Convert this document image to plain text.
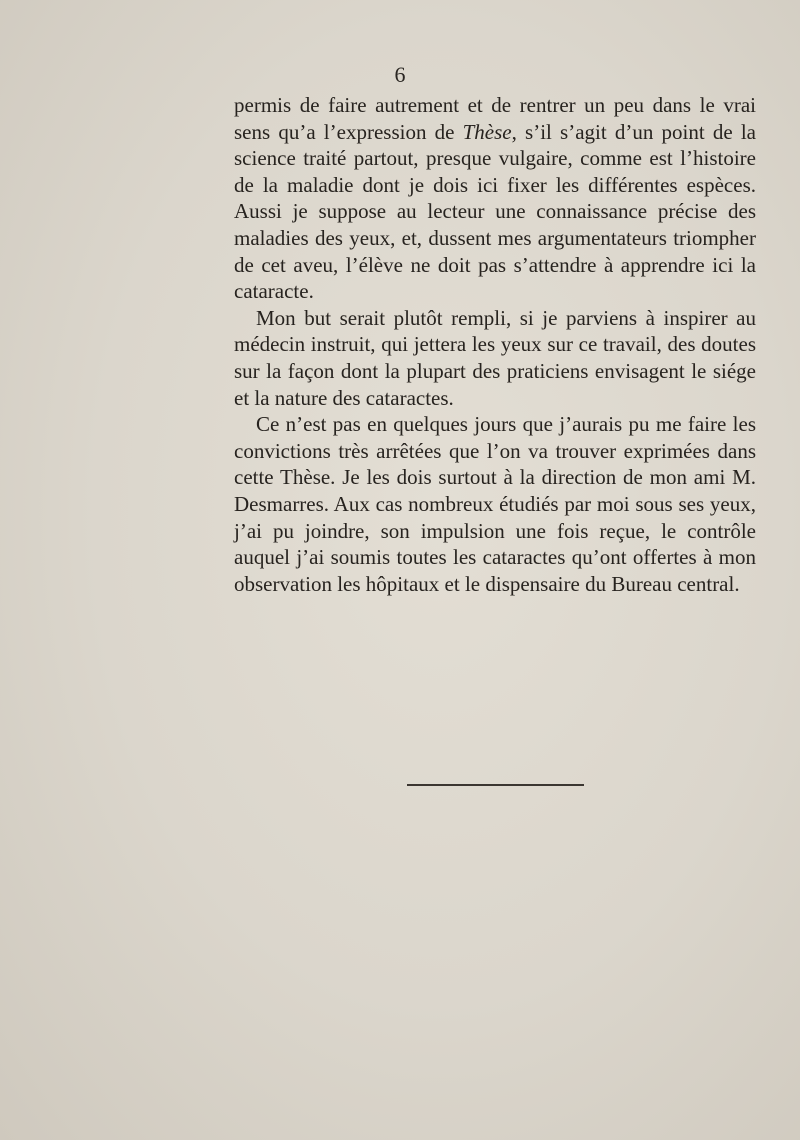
6

permis de faire autrement et de rentrer un peu dans le vrai sens qu’a l’expression de Thèse, s’il s’agit d’un point de la science traité partout, presque vulgaire, comme est l’histoire de la maladie dont je dois ici fixer les différentes espèces. Aussi je suppose au lecteur une connaissance précise des maladies des yeux, et, dussent mes argumentateurs triompher de cet aveu, l’élève ne doit pas s’attendre à apprendre ici la cataracte.

Mon but serait plutôt rempli, si je parviens à inspirer au médecin instruit, qui jettera les yeux sur ce travail, des doutes sur la façon dont la plupart des praticiens envisagent le siége et la nature des cataractes.

Ce n’est pas en quelques jours que j’aurais pu me faire les convictions très arrêtées que l’on va trouver exprimées dans cette Thèse. Je les dois surtout à la direction de mon ami M. Desmarres. Aux cas nombreux étudiés par moi sous ses yeux, j’ai pu joindre, son impulsion une fois reçue, le contrôle auquel j’ai soumis toutes les cataractes qu’ont offertes à mon observation les hôpitaux et le dispensaire du Bureau central.
